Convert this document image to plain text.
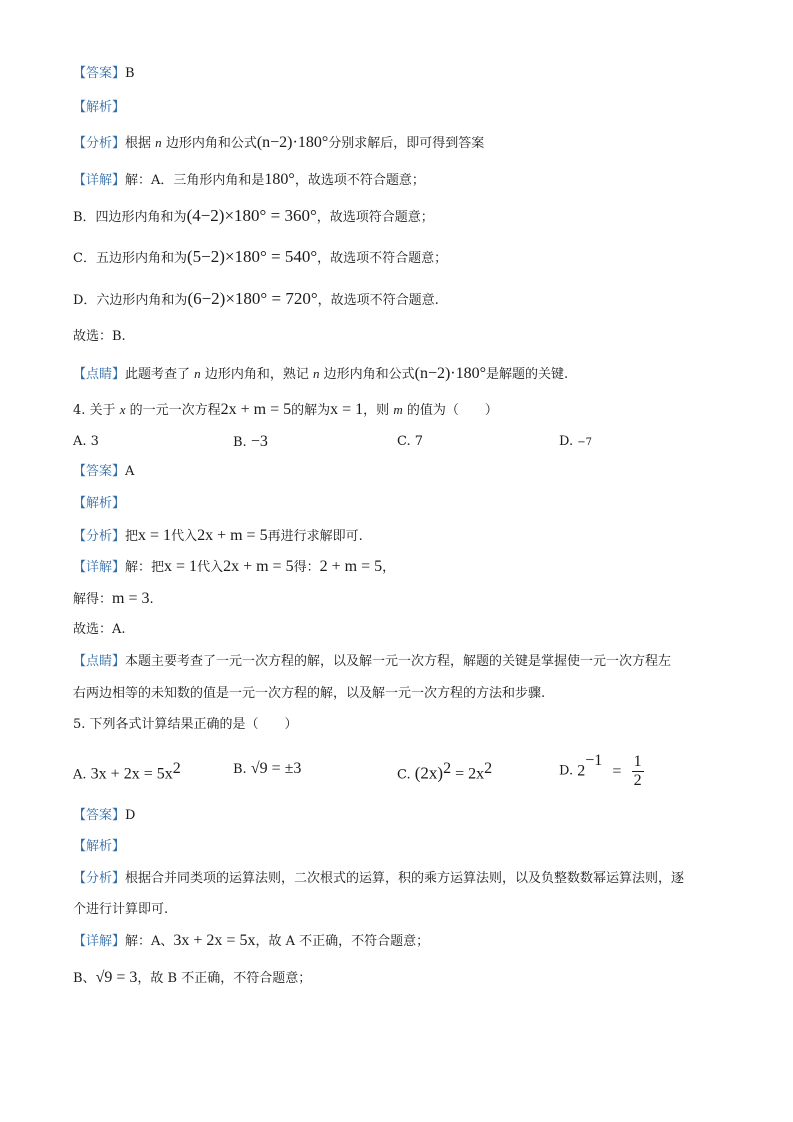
【答案】B
【解析】
【分析】根据 n 边形内角和公式(n−2)·180°分别求解后，即可得到答案
【详解】解：A．三角形内角和是180°，故选项不符合题意；
B．四边形内角和为(4−2)×180° = 360°，故选项符合题意；
C．五边形内角和为(5−2)×180° = 540°，故选项不符合题意；
D．六边形内角和为(6−2)×180° = 720°，故选项不符合题意.
故选：B.
【点睛】此题考查了 n 边形内角和，熟记 n 边形内角和公式(n−2)·180°是解题的关键.
4. 关于 x 的一元一次方程2x + m = 5的解为x = 1，则 m 的值为（　　）
A. 3	B. −3	C. 7	D. −7
【答案】A
【解析】
【分析】把x = 1代入2x + m = 5再进行求解即可.
【详解】解：把x = 1代入2x + m = 5得：2 + m = 5，
解得：m = 3.
故选：A.
【点睛】本题主要考查了一元一次方程的解，以及解一元一次方程，解题的关键是掌握使一元一次方程左
右两边相等的未知数的值是一元一次方程的解，以及解一元一次方程的方法和步骤.
5. 下列各式计算结果正确的是（　　）
A. $3x + 2x = 5x^2$	B. √9 = ±3	C. $(2x)^2 = 2x^2$	D. $2^{-1} = \frac{1}{2}$
【答案】D
【解析】
【分析】根据合并同类项的运算法则，二次根式的运算，积的乘方运算法则，以及负整数数幂运算法则，逐
个进行计算即可.
【详解】解：A、3x + 2x = 5x，故 A 不正确，不符合题意；
B、√9 = 3，故 B 不正确，不符合题意；
